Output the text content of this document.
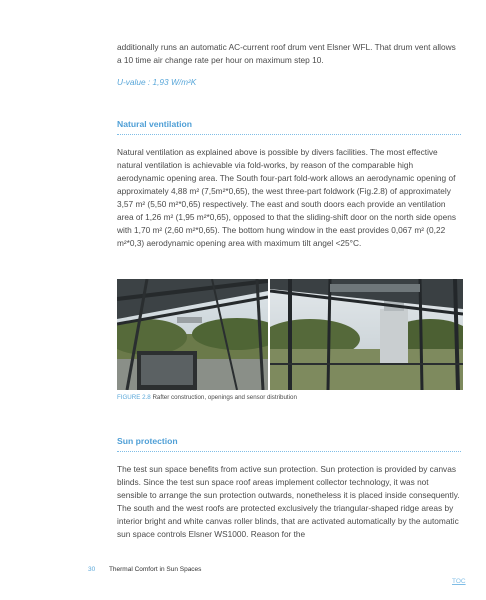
additionally runs an automatic AC-current roof drum vent Elsner WFL. That drum vent allows a 10 time air change rate per hour on maximum step 10.

U-value : 1,93 W/m²K
Natural ventilation

Natural ventilation as explained above is possible by divers facilities. The most effective natural ventilation is achievable via fold-works, by reason of the comparable high aerodynamic opening area. The South four-part fold-work allows an aerodynamic opening of approximately 4,88 m² (7,5m²*0,65), the west three-part foldwork (Fig.2.8) of approximately 3,57 m² (5,50 m²*0,65) respectively. The east and south doors each provide an ventilation area of 1,26 m² (1,95 m²*0,65), opposed to that the sliding-shift door on the north side opens with 1,70 m² (2,60 m²*0,65). The bottom hung window in the east provides 0,067 m² (0,22 m²*0,3) aerodynamic opening area with maximum tilt angel <25°C.

FIGURE 2.8 Rafter construction, openings and sensor distribution
Sun protection

The test sun space benefits from active sun protection. Sun protection is provided by canvas blinds. Since the test sun space roof areas implement collector technology, it was not sensible to arrange the sun protection outwards, nonetheless it is placed inside consequently. The south and the west roofs are protected exclusively the triangular-shaped ridge areas by interior bright and white canvas roller blinds, that are activated automatically by the automatic sun space controls Elsner WS1000. Reason for the

30 Thermal Comfort in Sun Spaces
TOC
